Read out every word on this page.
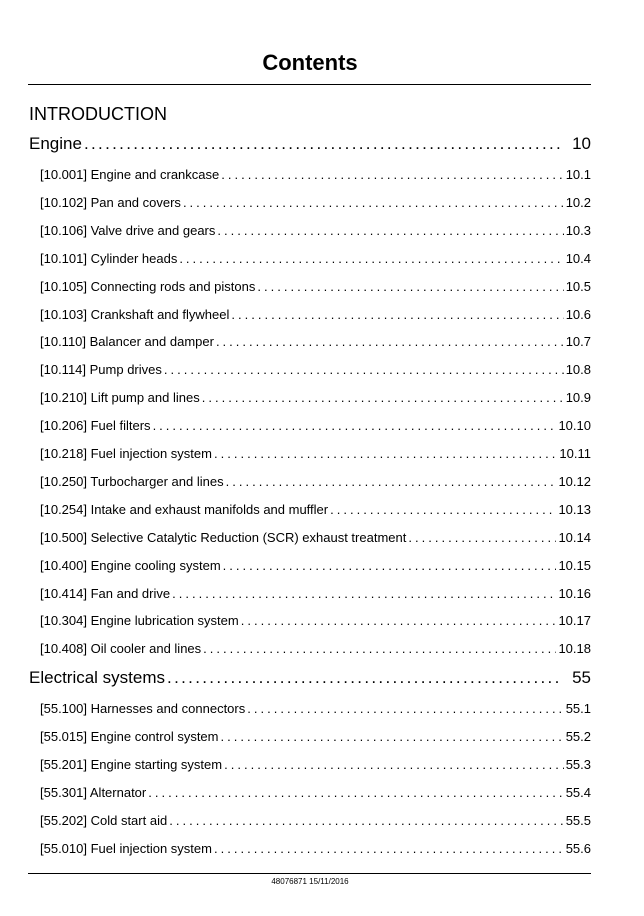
Contents
INTRODUCTION
Engine . . .	10
[10.001] Engine and crankcase . . .	10.1
[10.102] Pan and covers . . .	10.2
[10.106] Valve drive and gears . . .	10.3
[10.101] Cylinder heads . . .	10.4
[10.105] Connecting rods and pistons . . .	10.5
[10.103] Crankshaft and flywheel . . .	10.6
[10.110] Balancer and damper . . .	10.7
[10.114] Pump drives . . .	10.8
[10.210] Lift pump and lines . . .	10.9
[10.206] Fuel filters . . .	10.10
[10.218] Fuel injection system . . .	10.11
[10.250] Turbocharger and lines . . .	10.12
[10.254] Intake and exhaust manifolds and muffler . . .	10.13
[10.500] Selective Catalytic Reduction (SCR) exhaust treatment . . .	10.14
[10.400] Engine cooling system . . .	10.15
[10.414] Fan and drive . . .	10.16
[10.304] Engine lubrication system . . .	10.17
[10.408] Oil cooler and lines . . .	10.18
Electrical systems . . .	55
[55.100] Harnesses and connectors . . .	55.1
[55.015] Engine control system . . .	55.2
[55.201] Engine starting system . . .	55.3
[55.301] Alternator . . .	55.4
[55.202] Cold start aid . . .	55.5
[55.010] Fuel injection system . . .	55.6
48076871 15/11/2016
